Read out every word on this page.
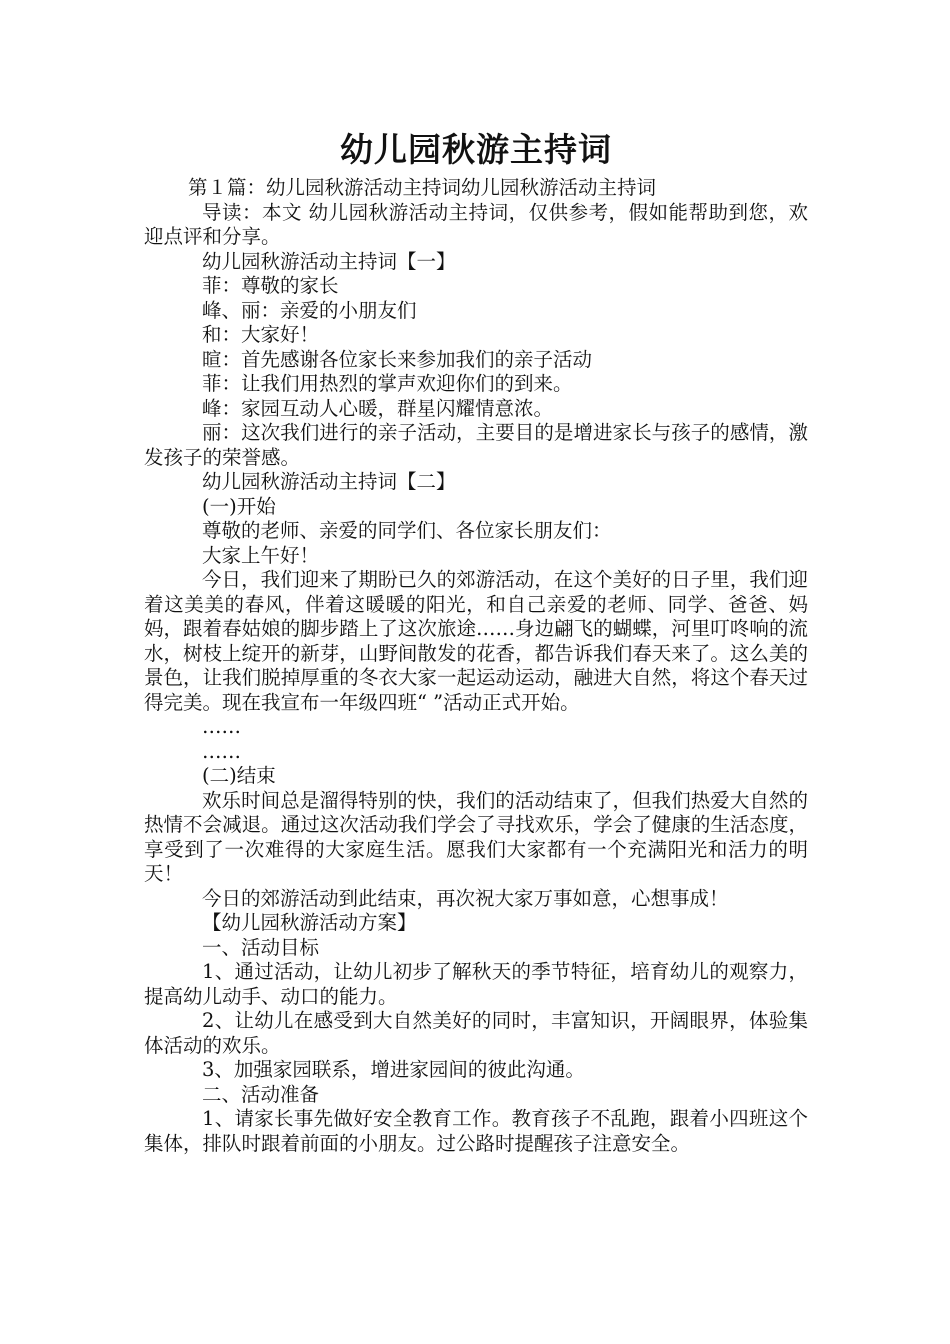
幼儿园秋游主持词

第１篇：幼儿园秋游活动主持词幼儿园秋游活动主持词

导读：本文 幼儿园秋游活动主持词，仅供参考，假如能帮助到您，欢迎点评和分享。

幼儿园秋游活动主持词【一】

菲：尊敬的家长

峰、丽：亲爱的小朋友们

和：大家好！

暄：首先感谢各位家长来参加我们的亲子活动

菲：让我们用热烈的掌声欢迎你们的到来。

峰：家园互动人心暖，群星闪耀情意浓。

丽：这次我们进行的亲子活动，主要目的是增进家长与孩子的感情，激发孩子的荣誉感。

幼儿园秋游活动主持词【二】

(一)开始

尊敬的老师、亲爱的同学们、各位家长朋友们：

大家上午好！

今日，我们迎来了期盼已久的郊游活动，在这个美好的日子里，我们迎着这美美的春风，伴着这暖暖的阳光，和自己亲爱的老师、同学、爸爸、妈妈，跟着春姑娘的脚步踏上了这次旅途……身边翩飞的蝴蝶，河里叮咚响的流水，树枝上绽开的新芽，山野间散发的花香，都告诉我们春天来了。这么美的景色，让我们脱掉厚重的冬衣大家一起运动运动，融进大自然，将这个春天过得完美。现在我宣布一年级四班“ ”活动正式开始。

……

……

(二)结束

欢乐时间总是溜得特别的快，我们的活动结束了，但我们热爱大自然的热情不会减退。通过这次活动我们学会了寻找欢乐，学会了健康的生活态度，享受到了一次难得的大家庭生活。愿我们大家都有一个充满阳光和活力的明天！

今日的郊游活动到此结束，再次祝大家万事如意，心想事成！

【幼儿园秋游活动方案】

一、活动目标

1、通过活动，让幼儿初步了解秋天的季节特征，培育幼儿的观察力，提高幼儿动手、动口的能力。

2、让幼儿在感受到大自然美好的同时，丰富知识，开阔眼界，体验集体活动的欢乐。

3、加强家园联系，增进家园间的彼此沟通。

二、活动准备

1、请家长事先做好安全教育工作。教育孩子不乱跑，跟着小四班这个集体，排队时跟着前面的小朋友。过公路时提醒孩子注意安全。
